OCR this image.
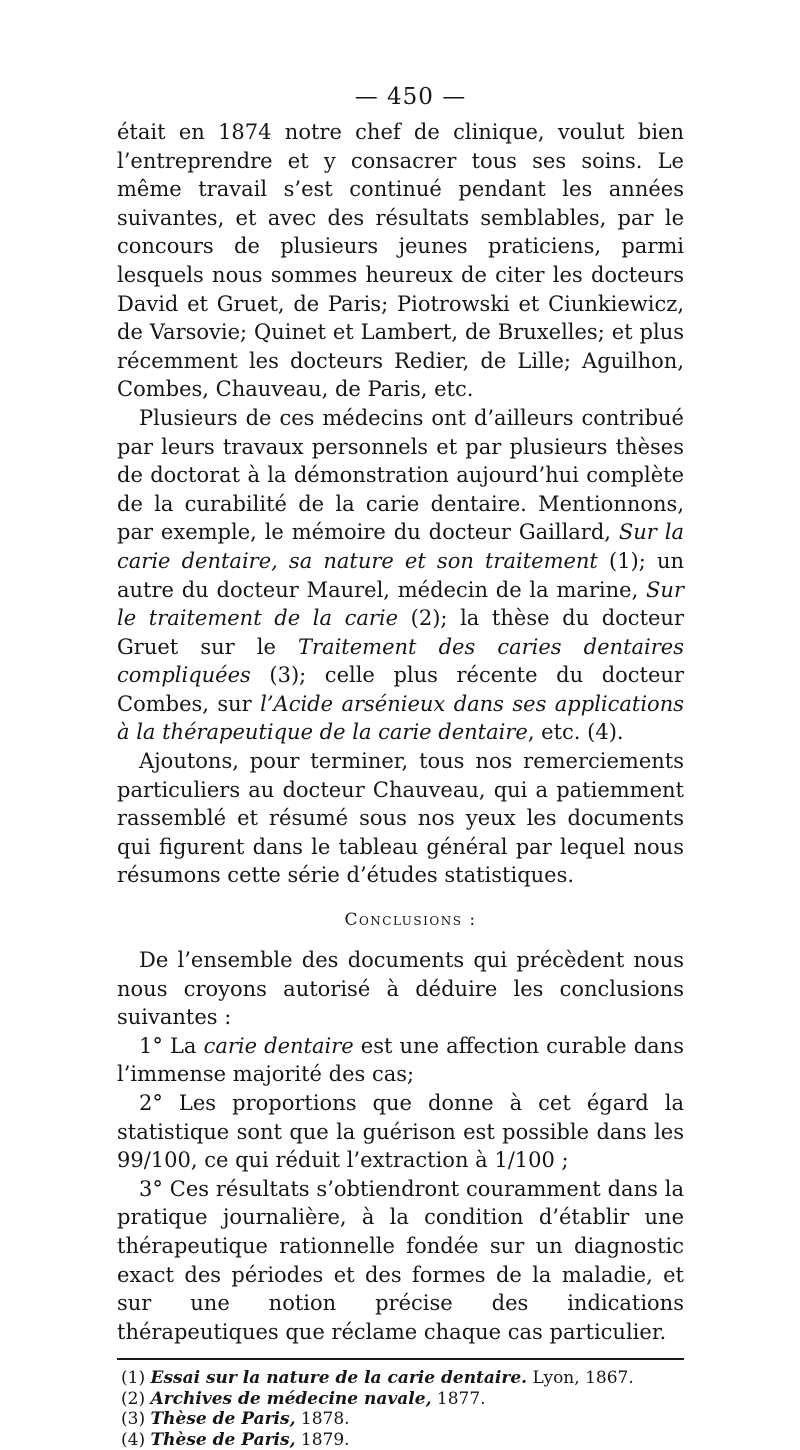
— 450 —

était en 1874 notre chef de clinique, voulut bien l’entreprendre et y consacrer tous ses soins. Le même travail s’est continué pendant les années suivantes, et avec des résultats semblables, par le concours de plusieurs jeunes praticiens, parmi lesquels nous sommes heureux de citer les docteurs David et Gruet, de Paris; Piotrowski et Ciunkiewicz, de Varsovie; Quinet et Lambert, de Bruxelles; et plus récemment les docteurs Redier, de Lille; Aguilhon, Combes, Chauveau, de Paris, etc.

Plusieurs de ces médecins ont d’ailleurs contribué par leurs travaux personnels et par plusieurs thèses de doctorat à la démonstration aujourd’hui complète de la curabilité de la carie dentaire. Mentionnons, par exemple, le mémoire du docteur Gaillard, Sur la carie dentaire, sa nature et son traitement (1); un autre du docteur Maurel, médecin de la marine, Sur le traitement de la carie (2); la thèse du docteur Gruet sur le Traitement des caries dentaires compliquées (3); celle plus récente du docteur Combes, sur l’Acide arsénieux dans ses applications à la thérapeutique de la carie dentaire, etc. (4).

Ajoutons, pour terminer, tous nos remerciements particuliers au docteur Chauveau, qui a patiemment rassemblé et résumé sous nos yeux les documents qui figurent dans le tableau général par lequel nous résumons cette série d’études statistiques.

Conclusions :

De l’ensemble des documents qui précèdent nous nous croyons autorisé à déduire les conclusions suivantes :

1° La carie dentaire est une affection curable dans l’immense majorité des cas;

2° Les proportions que donne à cet égard la statistique sont que la guérison est possible dans les 99/100, ce qui réduit l’extraction à 1/100 ;

3° Ces résultats s’obtiendront couramment dans la pratique journalière, à la condition d’établir une thérapeutique rationnelle fondée sur un diagnostic exact des périodes et des formes de la maladie, et sur une notion précise des indications thérapeutiques que réclame chaque cas particulier.

(1) Essai sur la nature de la carie dentaire. Lyon, 1867.

(2) Archives de médecine navale, 1877.

(3) Thèse de Paris, 1878.

(4) Thèse de Paris, 1879.
